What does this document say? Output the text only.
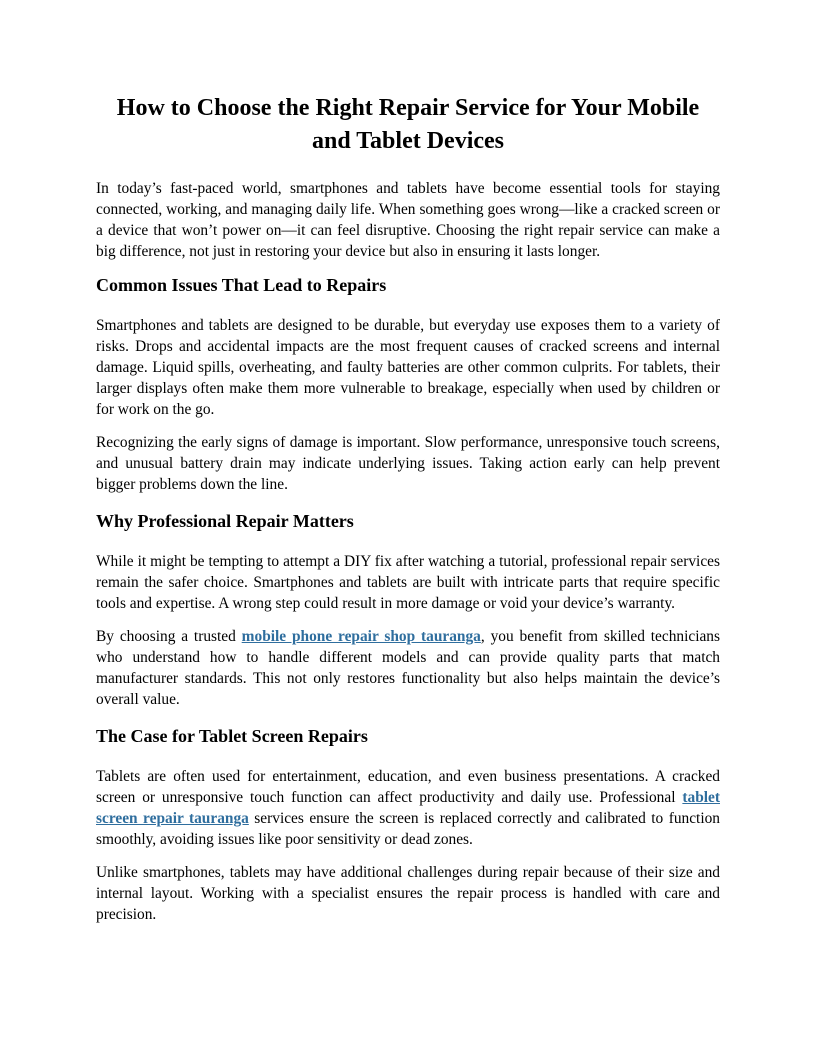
How to Choose the Right Repair Service for Your Mobile and Tablet Devices

In today’s fast-paced world, smartphones and tablets have become essential tools for staying connected, working, and managing daily life. When something goes wrong—like a cracked screen or a device that won’t power on—it can feel disruptive. Choosing the right repair service can make a big difference, not just in restoring your device but also in ensuring it lasts longer.

Common Issues That Lead to Repairs

Smartphones and tablets are designed to be durable, but everyday use exposes them to a variety of risks. Drops and accidental impacts are the most frequent causes of cracked screens and internal damage. Liquid spills, overheating, and faulty batteries are other common culprits. For tablets, their larger displays often make them more vulnerable to breakage, especially when used by children or for work on the go.

Recognizing the early signs of damage is important. Slow performance, unresponsive touch screens, and unusual battery drain may indicate underlying issues. Taking action early can help prevent bigger problems down the line.

Why Professional Repair Matters

While it might be tempting to attempt a DIY fix after watching a tutorial, professional repair services remain the safer choice. Smartphones and tablets are built with intricate parts that require specific tools and expertise. A wrong step could result in more damage or void your device’s warranty.

By choosing a trusted mobile phone repair shop tauranga, you benefit from skilled technicians who understand how to handle different models and can provide quality parts that match manufacturer standards. This not only restores functionality but also helps maintain the device’s overall value.

The Case for Tablet Screen Repairs

Tablets are often used for entertainment, education, and even business presentations. A cracked screen or unresponsive touch function can affect productivity and daily use. Professional tablet screen repair tauranga services ensure the screen is replaced correctly and calibrated to function smoothly, avoiding issues like poor sensitivity or dead zones.

Unlike smartphones, tablets may have additional challenges during repair because of their size and internal layout. Working with a specialist ensures the repair process is handled with care and precision.
